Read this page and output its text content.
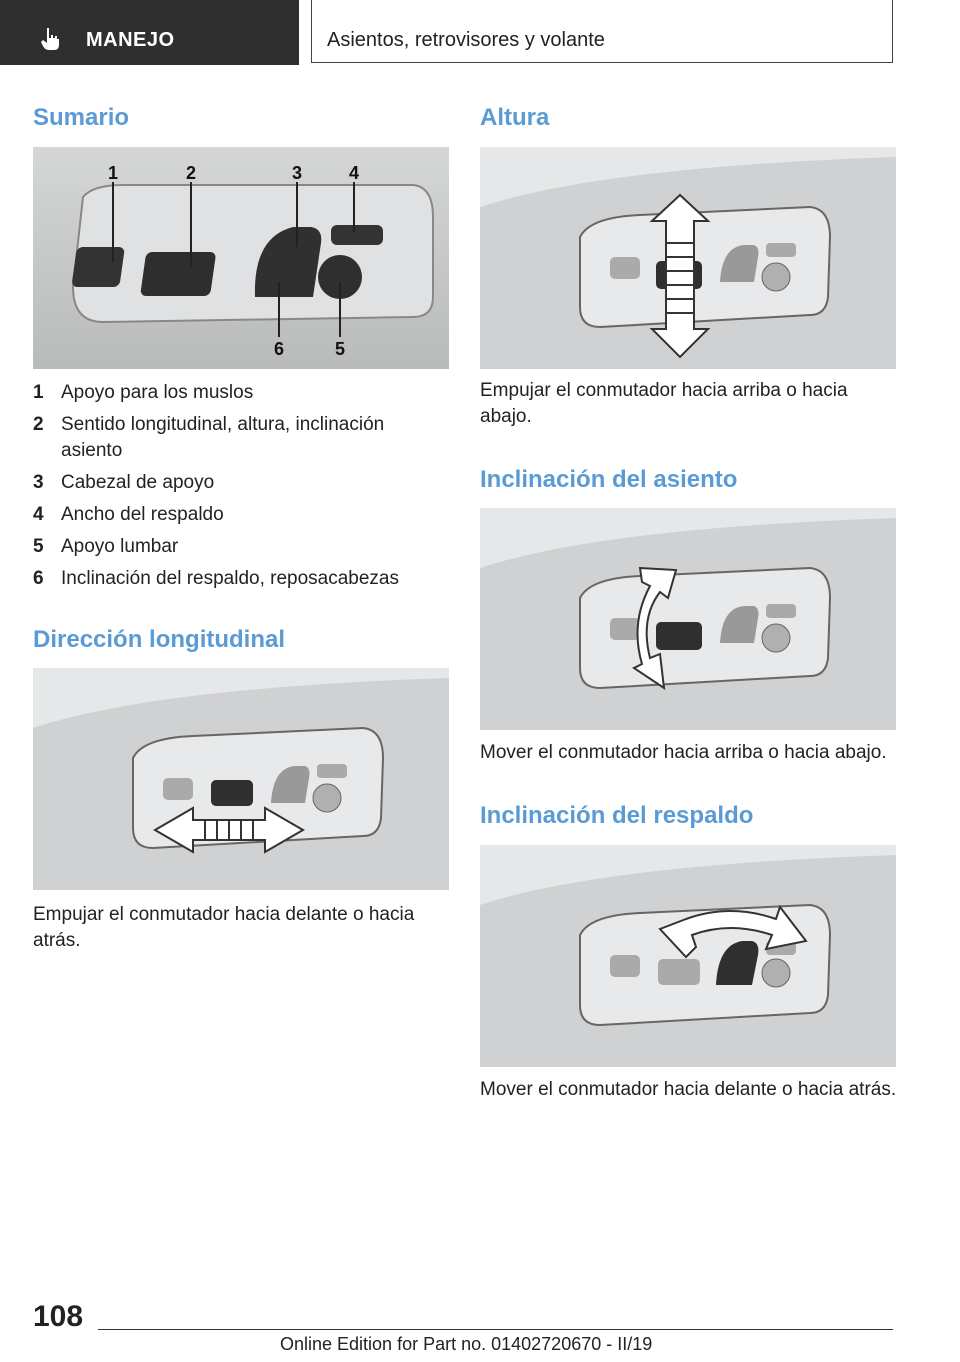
MANEJO	Asientos, retrovisores y volante
Sumario
1	2	3	4
6	5
1 Apoyo para los muslos
2 Sentido longitudinal, altura, inclinación asiento
3 Cabezal de apoyo
4 Ancho del respaldo
5 Apoyo lumbar
6 Inclinación del respaldo, reposacabezas
Dirección longitudinal
Empujar el conmutador hacia delante o hacia atrás.
Altura
Empujar el conmutador hacia arriba o hacia abajo.
Inclinación del asiento
Mover el conmutador hacia arriba o hacia abajo.
Inclinación del respaldo
Mover el conmutador hacia delante o hacia atrás.
108
Online Edition for Part no. 01402720670 - II/19
